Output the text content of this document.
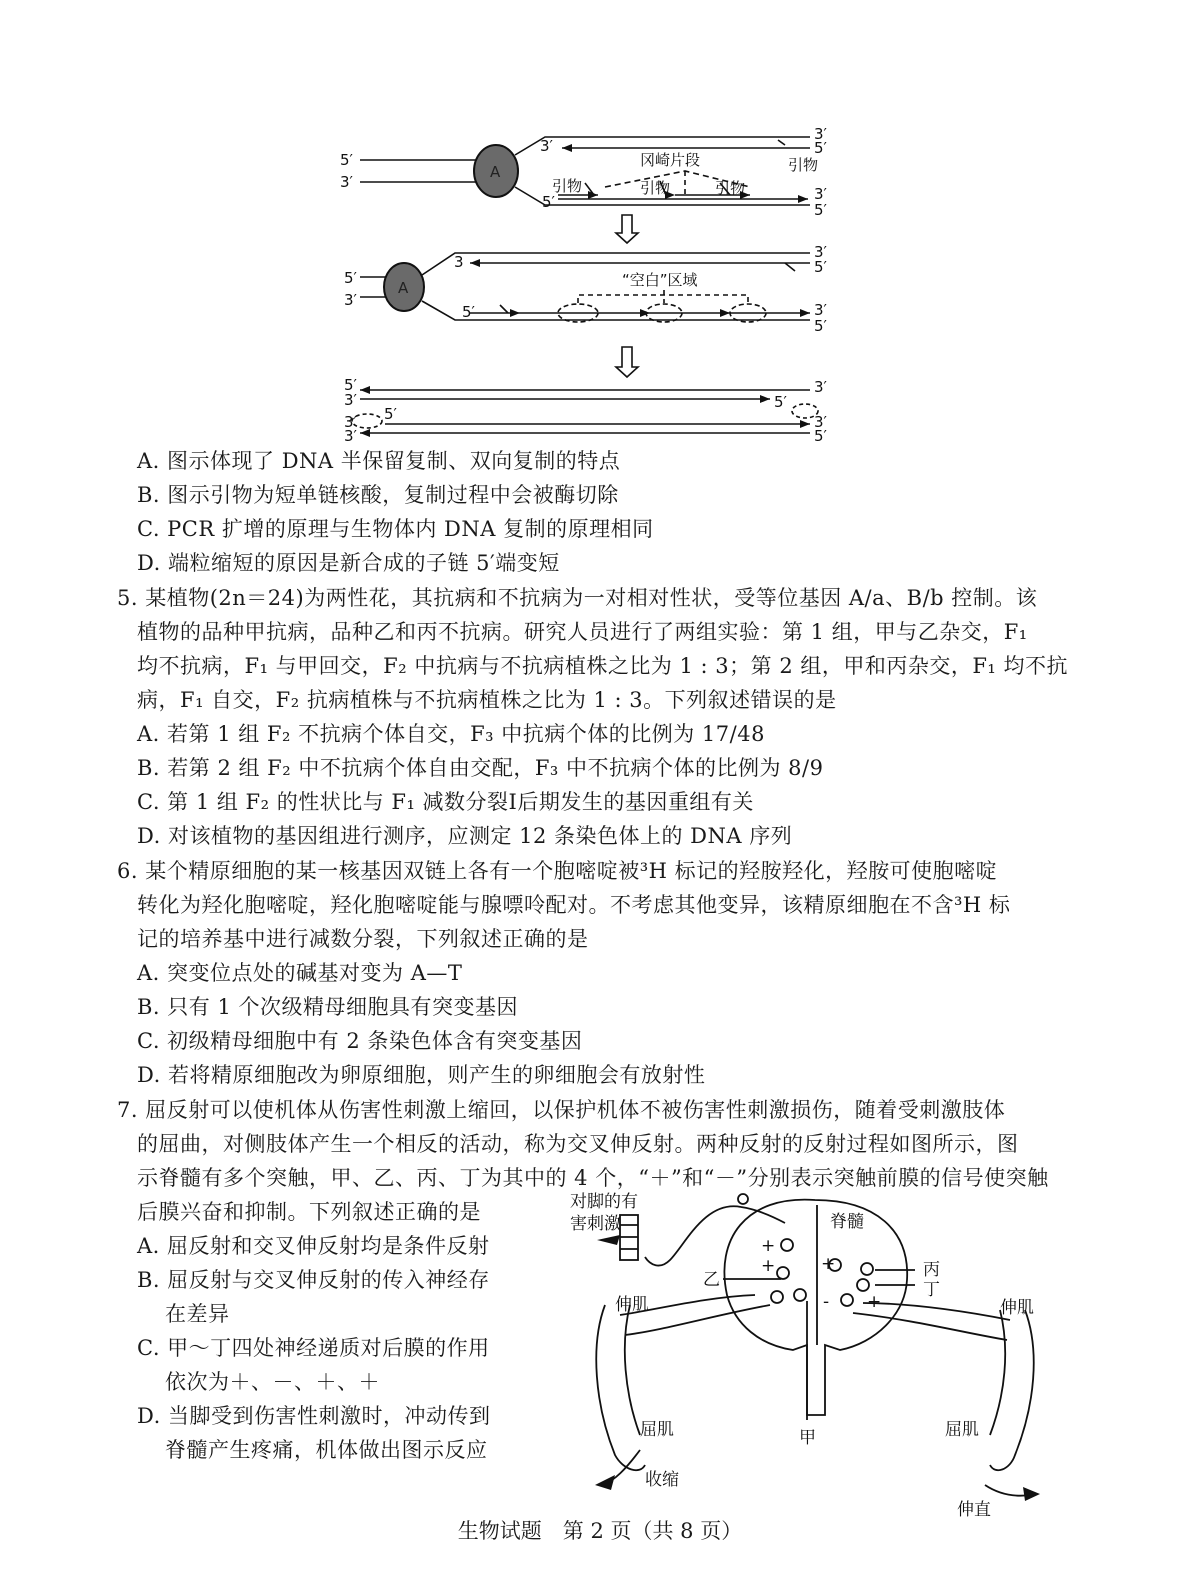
A
A
5′
3′
3′
5′
3′
冈崎片段	引物
引物	引物	引物
5′	3′
5′
5′
3′
3
3′
5′
“空白”区域
5′	3′
5′
5′
3′
3′
5′
5′
3′
3′
3′
5′
A. 图示体现了 DNA 半保留复制、双向复制的特点
B. 图示引物为短单链核酸，复制过程中会被酶切除
C. PCR 扩增的原理与生物体内 DNA 复制的原理相同
D. 端粒缩短的原因是新合成的子链 5′端变短
5. 某植物(2n＝24)为两性花，其抗病和不抗病为一对相对性状，受等位基因 A/a、B/b 控制。该
植物的品种甲抗病，品种乙和丙不抗病。研究人员进行了两组实验：第 1 组，甲与乙杂交，F₁
均不抗病，F₁ 与甲回交，F₂ 中抗病与不抗病植株之比为 1 : 3；第 2 组，甲和丙杂交，F₁ 均不抗
病，F₁ 自交，F₂ 抗病植株与不抗病植株之比为 1 : 3。下列叙述错误的是
A. 若第 1 组 F₂ 不抗病个体自交，F₃ 中抗病个体的比例为 17/48
B. 若第 2 组 F₂ 中不抗病个体自由交配，F₃ 中不抗病个体的比例为 8/9
C. 第 1 组 F₂ 的性状比与 F₁ 减数分裂Ⅰ后期发生的基因重组有关
D. 对该植物的基因组进行测序，应测定 12 条染色体上的 DNA 序列
6. 某个精原细胞的某一核基因双链上各有一个胞嘧啶被³H 标记的羟胺羟化，羟胺可使胞嘧啶
转化为羟化胞嘧啶，羟化胞嘧啶能与腺嘌呤配对。不考虑其他变异，该精原细胞在不含³H 标
记的培养基中进行减数分裂，下列叙述正确的是
A. 突变位点处的碱基对变为 A—T
B. 只有 1 个次级精母细胞具有突变基因
C. 初级精母细胞中有 2 条染色体含有突变基因
D. 若将精原细胞改为卵原细胞，则产生的卵细胞会有放射性
7. 屈反射可以使机体从伤害性刺激上缩回，以保护机体不被伤害性刺激损伤，随着受刺激肢体
的屈曲，对侧肢体产生一个相反的活动，称为交叉伸反射。两种反射的反射过程如图所示，图
示脊髓有多个突触，甲、乙、丙、丁为其中的 4 个，“＋”和“－”分别表示突触前膜的信号使突触
后膜兴奋和抑制。下列叙述正确的是
A. 屈反射和交叉伸反射均是条件反射
B. 屈反射与交叉伸反射的传入神经存
在差异
C. 甲～丁四处神经递质对后膜的作用
依次为＋、－、＋、＋
D. 当脚受到伤害性刺激时，冲动传到
脊髓产生疼痛，机体做出图示反应
对脚的有
害刺激	脊髓
丙
丁
乙
甲
伸肌	伸肌
屈肌	屈肌
收缩
伸直
+
+	+
+
-
生物试题　第 2 页（共 8 页）
